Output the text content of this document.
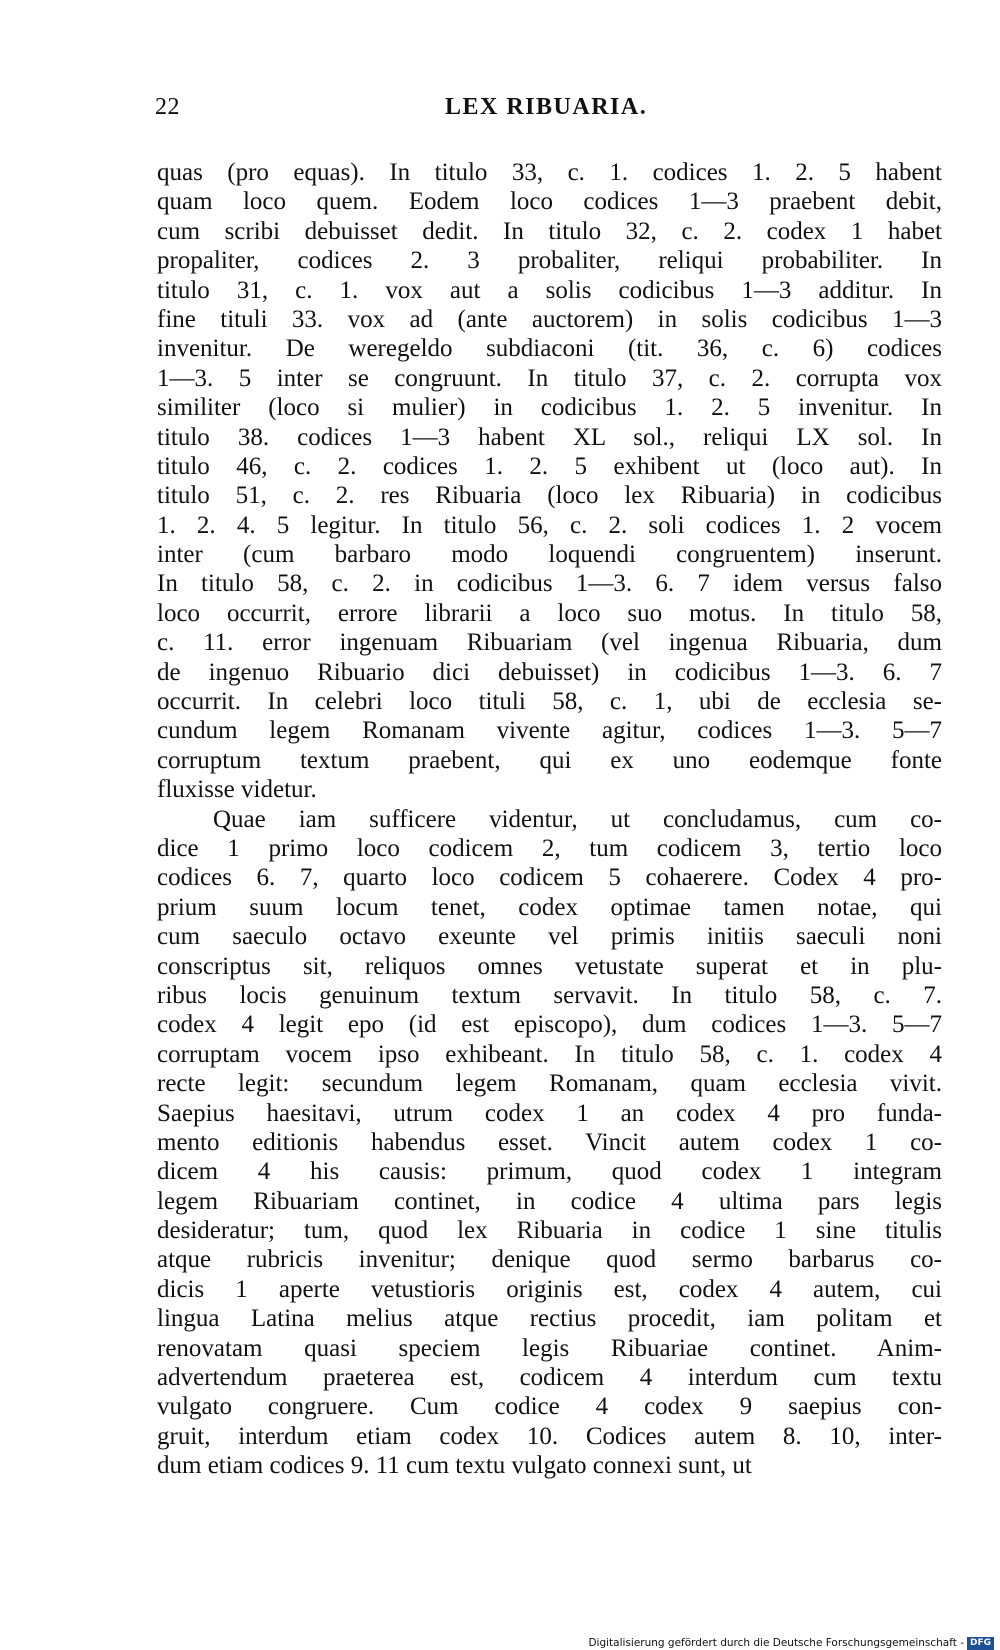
22	LEX RIBUARIA.
quas (pro equas). In titulo 33, c. 1. codices 1. 2. 5 habent
quam loco quem. Eodem loco codices 1—3 praebent debit,
cum scribi debuisset dedit. In titulo 32, c. 2. codex 1 habet
propaliter, codices 2. 3 probaliter, reliqui probabiliter. In
titulo 31, c. 1. vox aut a solis codicibus 1—3 additur. In
fine tituli 33. vox ad (ante auctorem) in solis codicibus 1—3
invenitur. De weregeldo subdiaconi (tit. 36, c. 6) codices
1—3. 5 inter se congruunt. In titulo 37, c. 2. corrupta vox
similiter (loco si mulier) in codicibus 1. 2. 5 invenitur. In
titulo 38. codices 1—3 habent XL sol., reliqui LX sol. In
titulo 46, c. 2. codices 1. 2. 5 exhibent ut (loco aut). In
titulo 51, c. 2. res Ribuaria (loco lex Ribuaria) in codicibus
1. 2. 4. 5 legitur. In titulo 56, c. 2. soli codices 1. 2 vocem
inter (cum barbaro modo loquendi congruentem) inserunt.
In titulo 58, c. 2. in codicibus 1—3. 6. 7 idem versus falso
loco occurrit, errore librarii a loco suo motus. In titulo 58,
c. 11. error ingenuam Ribuariam (vel ingenua Ribuaria, dum
de ingenuo Ribuario dici debuisset) in codicibus 1—3. 6. 7
occurrit. In celebri loco tituli 58, c. 1, ubi de ecclesia se-
cundum legem Romanam vivente agitur, codices 1—3. 5—7
corruptum textum praebent, qui ex uno eodemque fonte
fluxisse videtur.
Quae iam sufficere videntur, ut concludamus, cum co-
dice 1 primo loco codicem 2, tum codicem 3, tertio loco
codices 6. 7, quarto loco codicem 5 cohaerere. Codex 4 pro-
prium suum locum tenet, codex optimae tamen notae, qui
cum saeculo octavo exeunte vel primis initiis saeculi noni
conscriptus sit, reliquos omnes vetustate superat et in plu-
ribus locis genuinum textum servavit. In titulo 58, c. 7.
codex 4 legit epo (id est episcopo), dum codices 1—3. 5—7
corruptam vocem ipso exhibeant. In titulo 58, c. 1. codex 4
recte legit: secundum legem Romanam, quam ecclesia vivit.
Saepius haesitavi, utrum codex 1 an codex 4 pro funda-
mento editionis habendus esset. Vincit autem codex 1 co-
dicem 4 his causis: primum, quod codex 1 integram
legem Ribuariam continet, in codice 4 ultima pars legis
desideratur; tum, quod lex Ribuaria in codice 1 sine titulis
atque rubricis invenitur; denique quod sermo barbarus co-
dicis 1 aperte vetustioris originis est, codex 4 autem, cui
lingua Latina melius atque rectius procedit, iam politam et
renovatam quasi speciem legis Ribuariae continet. Anim-
advertendum praeterea est, codicem 4 interdum cum textu
vulgato congruere. Cum codice 4 codex 9 saepius con-
gruit, interdum etiam codex 10. Codices autem 8. 10, inter-
dum etiam codices 9. 11 cum textu vulgato connexi sunt, ut
Digitalisierung gefördert durch die Deutsche Forschungsgemeinschaft - DFG
